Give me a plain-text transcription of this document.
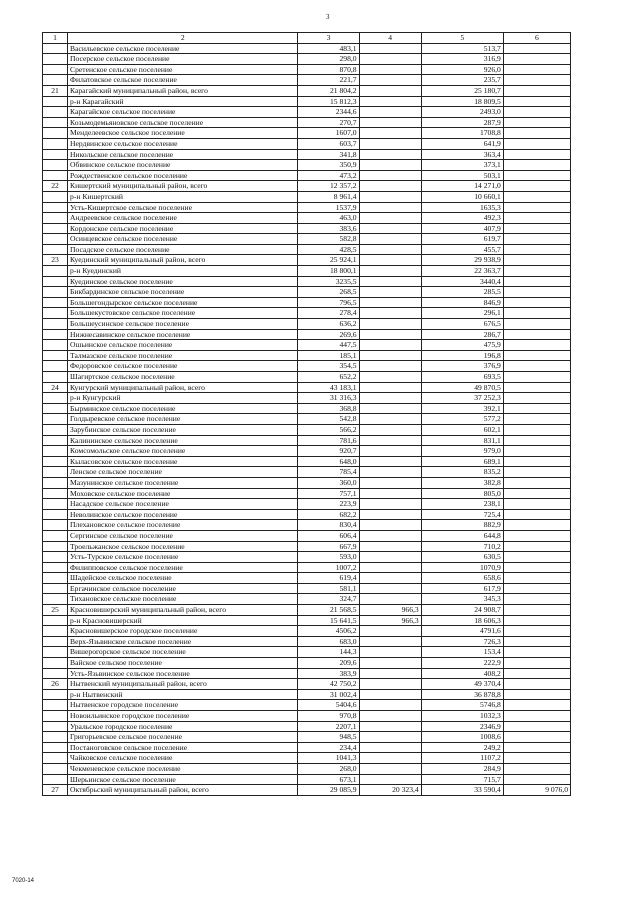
3
1	2	3	4	5	6
	Васильевское сельское поселение	483,1		513,7	
	Посерское сельское поселение	298,0		316,9	
	Сретенское сельское поселение	870,8		926,0	
	Филатовское сельское поселение	221,7		235,7	
21	Карагайский муниципальный район, всего	21 804,2		25 180,7	
	р-н Карагайский	15 812,3		18 809,5	
	Карагайское сельское поселение	2344,6		2493,0	
	Козьмодемьяновское сельское поселение	270,7		287,9	
	Менделеевское сельское поселение	1607,0		1708,8	
	Нердвинское сельское поселение	603,7		641,9	
	Никольское сельское поселение	341,8		363,4	
	Обвинское сельское поселение	350,9		373,1	
	Рождественское сельское поселение	473,2		503,1	
22	Кишертский муниципальный район, всего	12 357,2		14 271,0	
	р-н Кишертский	8 961,4		10 660,1	
	Усть-Кишертское сельское поселение	1537,9		1635,3	
	Андреевское сельское поселение	463,0		492,3	
	Кордонское сельское поселение	383,6		407,9	
	Осинцевское сельское поселение	582,8		619,7	
	Посадское сельское поселение	428,5		455,7	
23	Куединский муниципальный район, всего	25 924,1		29 938,9	
	р-н Куединский	18 800,1		22 363,7	
	Куединское сельское поселение	3235,5		3440,4	
	Бикбардинское сельское поселение	268,5		285,5	
	Большегондырское сельское поселение	796,5		846,9	
	Большекустовское сельское поселение	278,4		296,1	
	Большеусинское сельское поселение	636,2		676,5	
	Нижнесавинское сельское поселение	269,6		286,7	
	Ошьинское сельское поселение	447,5		475,9	
	Талмазское сельское поселение	185,1		196,8	
	Федоровское сельское поселение	354,5		376,9	
	Шагиртское сельское поселение	652,2		693,5	
24	Кунгурский муниципальный район, всего	43 183,1		49 870,5	
	р-н Кунгурский	31 316,3		37 252,3	
	Бырминское сельское поселение	368,8		392,1	
	Голдыревское сельское поселение	542,8		577,2	
	Зарубинское сельское поселение	566,2		602,1	
	Калининское сельское поселение	781,6		831,1	
	Комсомольское сельское поселение	920,7		979,0	
	Кыласовское сельское поселение	648,0		689,1	
	Ленское сельское поселение	785,4		835,2	
	Мазунинское сельское поселение	360,0		382,8	
	Моховское сельское поселение	757,1		805,0	
	Насадское сельское поселение	223,9		238,1	
	Неволинское сельское поселение	682,2		725,4	
	Плехановское сельское поселение	830,4		882,9	
	Сергинское сельское поселение	606,4		644,8	
	Троельжанское сельское поселение	667,9		710,2	
	Усть-Турское сельское поселение	593,0		630,5	
	Филипповское сельское поселение	1007,2		1070,9	
	Шадейское сельское поселение	619,4		658,6	
	Ергачинское сельское поселение	581,1		617,9	
	Тихановское сельское поселение	324,7		345,3	
25	Красновишерский муниципальный район, всего	21 568,5	966,3	24 908,7	
	р-н Красновишерский	15 641,5	966,3	18 606,3	
	Красновишерское городское поселение	4506,2		4791,6	
	Верх-Язьвинское сельское поселение	683,0		726,3	
	Вишерогорское сельское поселение	144,3		153,4	
	Вайское сельское поселение	209,6		222,9	
	Усть-Язьвинское сельское поселение	383,9		408,2	
26	Нытвенский муниципальный район, всего	42 750,2		49 370,4	
	р-н Нытвенский	31 002,4		36 878,8	
	Нытвенское городское поселение	5404,6		5746,8	
	Новоильинское городское поселение	970,8		1032,3	
	Уральское городское поселение	2207,1		2346,9	
	Григорьевское сельское поселение	948,5		1008,6	
	Постаноговское сельское поселение	234,4		249,2	
	Чайковское сельское поселение	1041,3		1107,2	
	Чекменевское сельское поселение	268,0		284,9	
	Шерьинское сельское поселение	673,1		715,7	
27	Октябрьский муниципальный район, всего	29 085,9	20 323,4	33 590,4	9 076,0
7020-14
